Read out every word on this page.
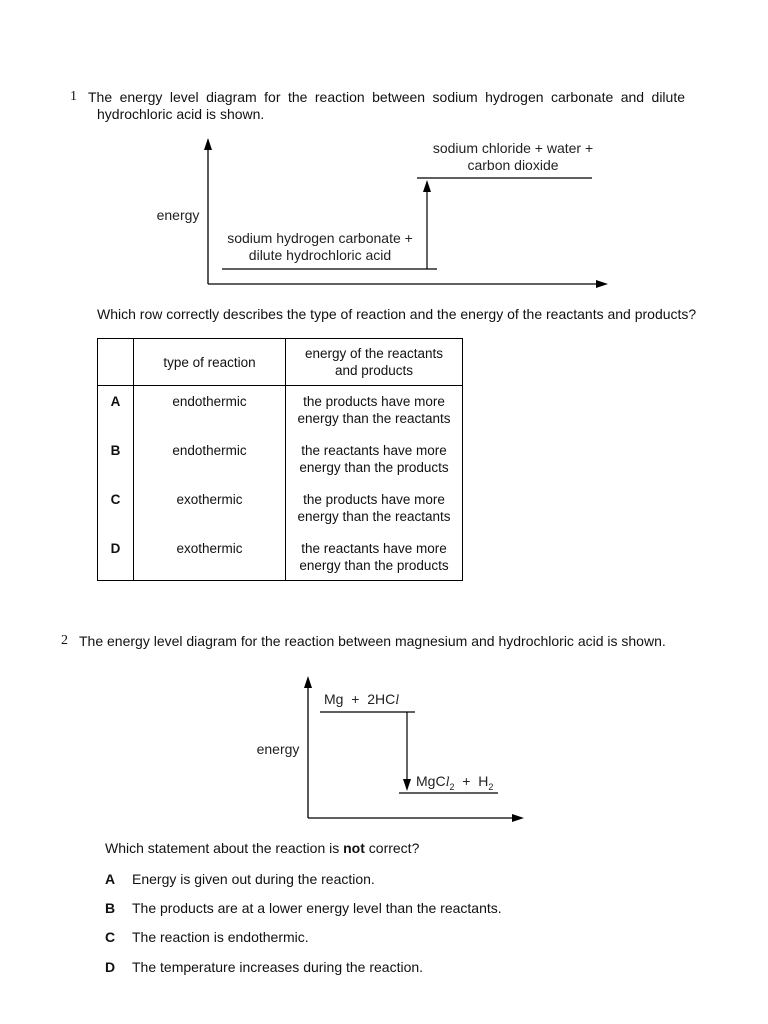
1 The energy level diagram for the reaction between sodium hydrogen carbonate and dilute
hydrochloric acid is shown.
energy
sodium chloride + water +
carbon dioxide
sodium hydrogen carbonate +
dilute hydrochloric acid
Which row correctly describes the type of reaction and the energy of the reactants and products?
	type of reaction	energy of the reactants
and products

A	endothermic	the products have more
energy than the reactants

B	endothermic	the reactants have more
energy than the products

C	exothermic	the products have more
energy than the reactants

D	exothermic	the reactants have more
energy than the products
2 The energy level diagram for the reaction between magnesium and hydrochloric acid is shown.
energy
Mg + 2HCl
MgCl$_2$ + $H_2$
Which statement about the reaction is not correct?
A Energy is given out during the reaction.
B The products are at a lower energy level than the reactants.
C The reaction is endothermic.
D The temperature increases during the reaction.
